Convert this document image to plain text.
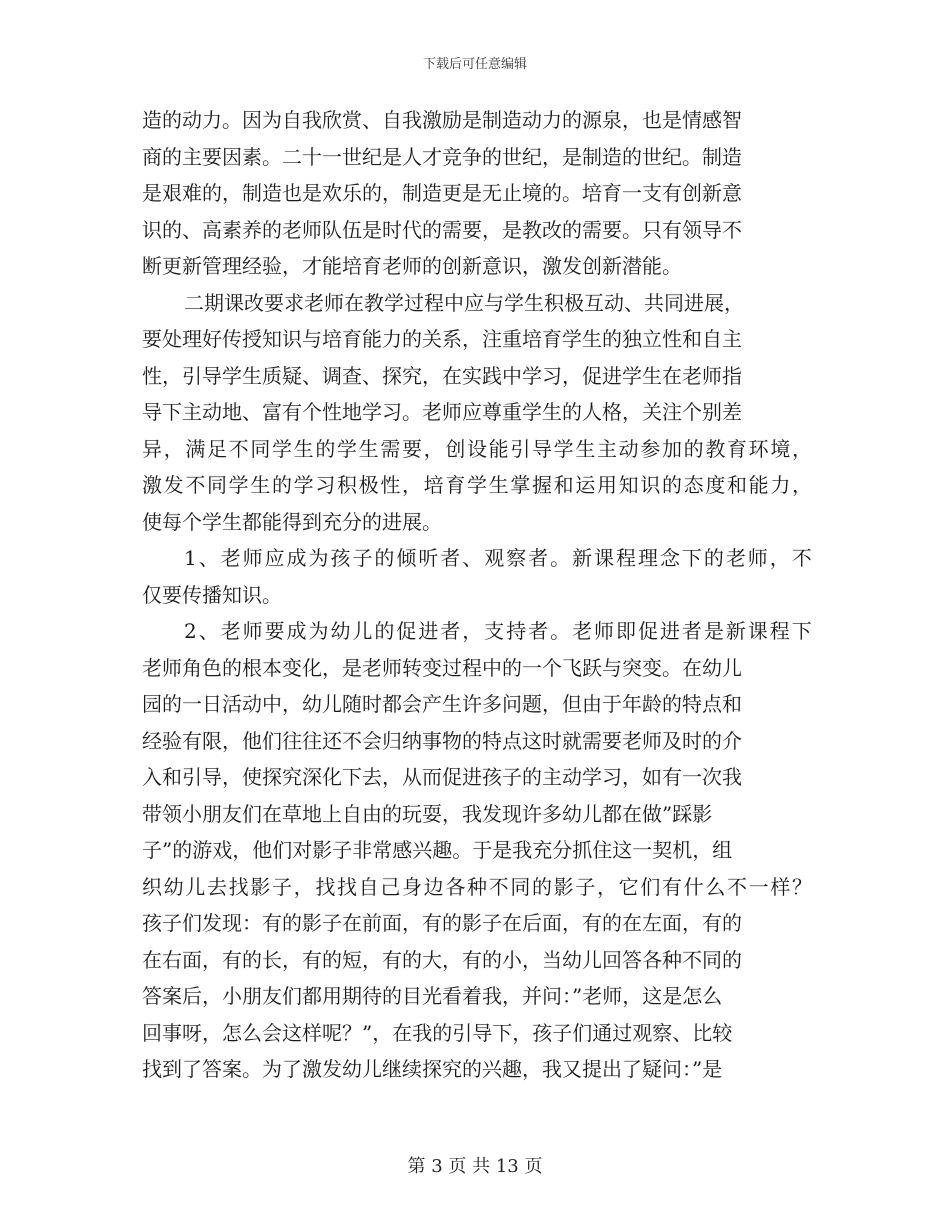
下载后可任意编辑
造的动力。因为自我欣赏、自我激励是制造动力的源泉，也是情感智
商的主要因素。二十一世纪是人才竞争的世纪，是制造的世纪。制造
是艰难的，制造也是欢乐的，制造更是无止境的。培育一支有创新意
识的、高素养的老师队伍是时代的需要，是教改的需要。只有领导不
断更新管理经验，才能培育老师的创新意识，激发创新潜能。
二期课改要求老师在教学过程中应与学生积极互动、共同进展，
要处理好传授知识与培育能力的关系，注重培育学生的独立性和自主
性，引导学生质疑、调查、探究，在实践中学习，促进学生在老师指
导下主动地、富有个性地学习。老师应尊重学生的人格，关注个别差
异，满足不同学生的学生需要，创设能引导学生主动参加的教育环境，
激发不同学生的学习积极性，培育学生掌握和运用知识的态度和能力，
使每个学生都能得到充分的进展。
1、老师应成为孩子的倾听者、观察者。新课程理念下的老师，不
仅要传播知识。
2、老师要成为幼儿的促进者，支持者。老师即促进者是新课程下
老师角色的根本变化，是老师转变过程中的一个飞跃与突变。在幼儿
园的一日活动中，幼儿随时都会产生许多问题，但由于年龄的特点和
经验有限，他们往往还不会归纳事物的特点这时就需要老师及时的介
入和引导，使探究深化下去，从而促进孩子的主动学习，如有一次我
带领小朋友们在草地上自由的玩耍，我发现许多幼儿都在做”踩影
子”的游戏，他们对影子非常感兴趣。于是我充分抓住这一契机，组
织幼儿去找影子，找找自己身边各种不同的影子，它们有什么不一样？
孩子们发现：有的影子在前面，有的影子在后面，有的在左面，有的
在右面，有的长，有的短，有的大，有的小，当幼儿回答各种不同的
答案后，小朋友们都用期待的目光看着我，并问：”老师，这是怎么
回事呀，怎么会这样呢？”，在我的引导下，孩子们通过观察、比较
找到了答案。为了激发幼儿继续探究的兴趣，我又提出了疑问：”是
第 3 页 共 13 页
